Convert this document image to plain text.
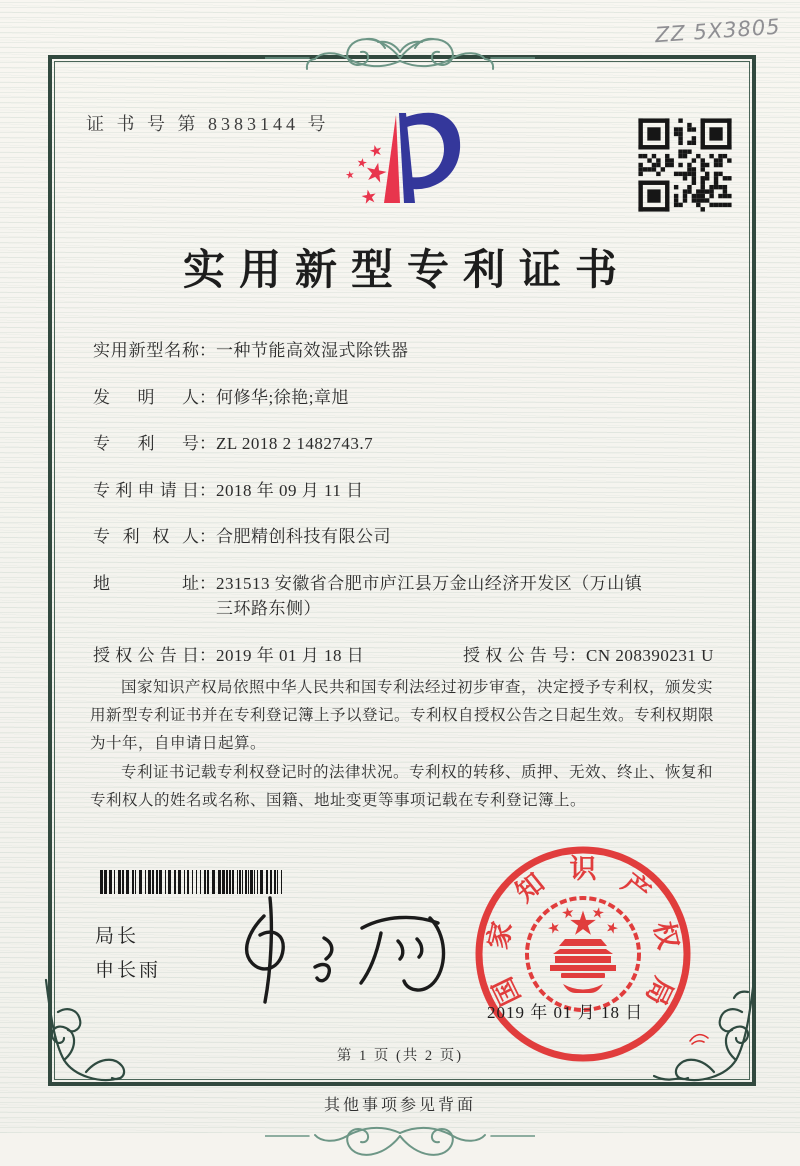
ZZ 5X3805
证 书 号 第 8383144 号
实用新型专利证书
实用新型名称 ： 一种节能高效湿式除铁器
发明人 ： 何修华;徐艳;章旭
专利号 ： ZL 2018 2 1482743.7
专利申请日 ： 2018 年 09 月 11 日
专利权人 ： 合肥精创科技有限公司
地址 ： 231513 安徽省合肥市庐江县万金山经济开发区（万山镇三环路东侧）
授权公告日 ： 2019 年 01 月 18 日	授权公告号 ： CN 208390231 U

国家知识产权局依照中华人民共和国专利法经过初步审查，决定授予专利权，颁发实用新型专利证书并在专利登记簿上予以登记。专利权自授权公告之日起生效。专利权期限为十年，自申请日起算。

专利证书记载专利权登记时的法律状况。专利权的转移、质押、无效、终止、恢复和专利权人的姓名或名称、国籍、地址变更等事项记载在专利登记簿上。

局长
申长雨
国
家
知 识 产
权
局
2019 年 01 月 18 日
第 1 页 (共 2 页)
其他事项参见背面
